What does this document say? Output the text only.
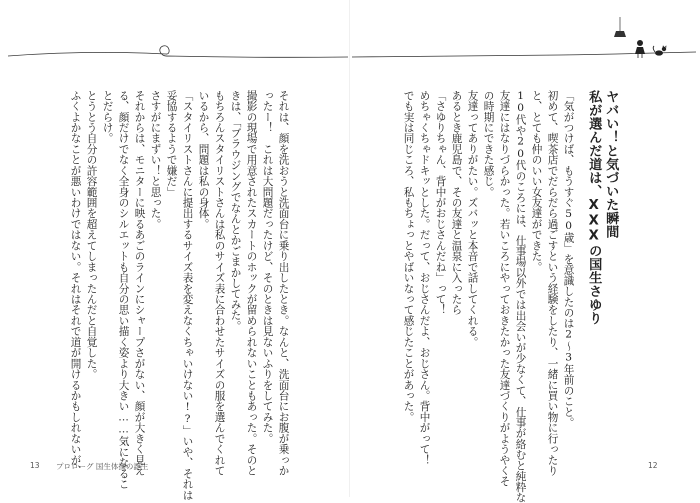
ヤバい！と気づいた瞬間
私が選んだ道は、XXXの国生さゆり
「気がつけば、もうすぐ50歳」を意識したのは2〜3年前のこと。
初めて、喫茶店でだらだら過ごすという経験をしたり、一緒に買い物に行ったり
と、とても仲のいい女友達ができた。
10代や20代のころには、仕事場以外では出会いが少なくて、仕事が絡むと純粋な
友達にはなりづらかった。若いころにやっておきたかった友達づくりがようやくそ
の時期にできた感じ。
友達ってありがたい。ズバッと本音で話してくれる。
あるとき鹿児島で、その友達と温泉に入ったら
「さゆりちゃん、背中がおじさんだね」って！
めちゃくちゃドキッとした。だって、おじさんだよ、おじさん。背中がって！
でも実は同じころ、私もちょっとやばいなって感じたことがあった。
それは、顔を洗おうと洗面台に乗り出したとき。なんと、洗面台にお腹が乗っか
ったー！　これは大問題だったけど、そのときは見ないふりをしてみた。
撮影の現場で用意されたスカートのホックが留められないこともあった。そのと
きは、「ブラウジングでなんとかごまかしてみた。
もちろんスタイリストさんは私のサイズ表に合わせたサイズの服を選んでくれて
いるから、問題は私の身体。
「スタイリストさんに提出するサイズ表を変えなくちゃいけない!?」いや、それは
妥協するようで嫌だ」
さすがにまずい！と思った。
それからは、モニターに映るあごのラインにシャープさがない、顔が大きく見え
る、顔だけでなく全身のシルエットも自分の思い描く姿より大きい……気になるこ
とだらけ。
とうとう自分の許容範囲を超えてしまったんだと自覚した。
ふくよかなことが悪いわけではない。それはそれで道が開けるかもしれないが、
13 プロローグ 国生体操の誕生	12
